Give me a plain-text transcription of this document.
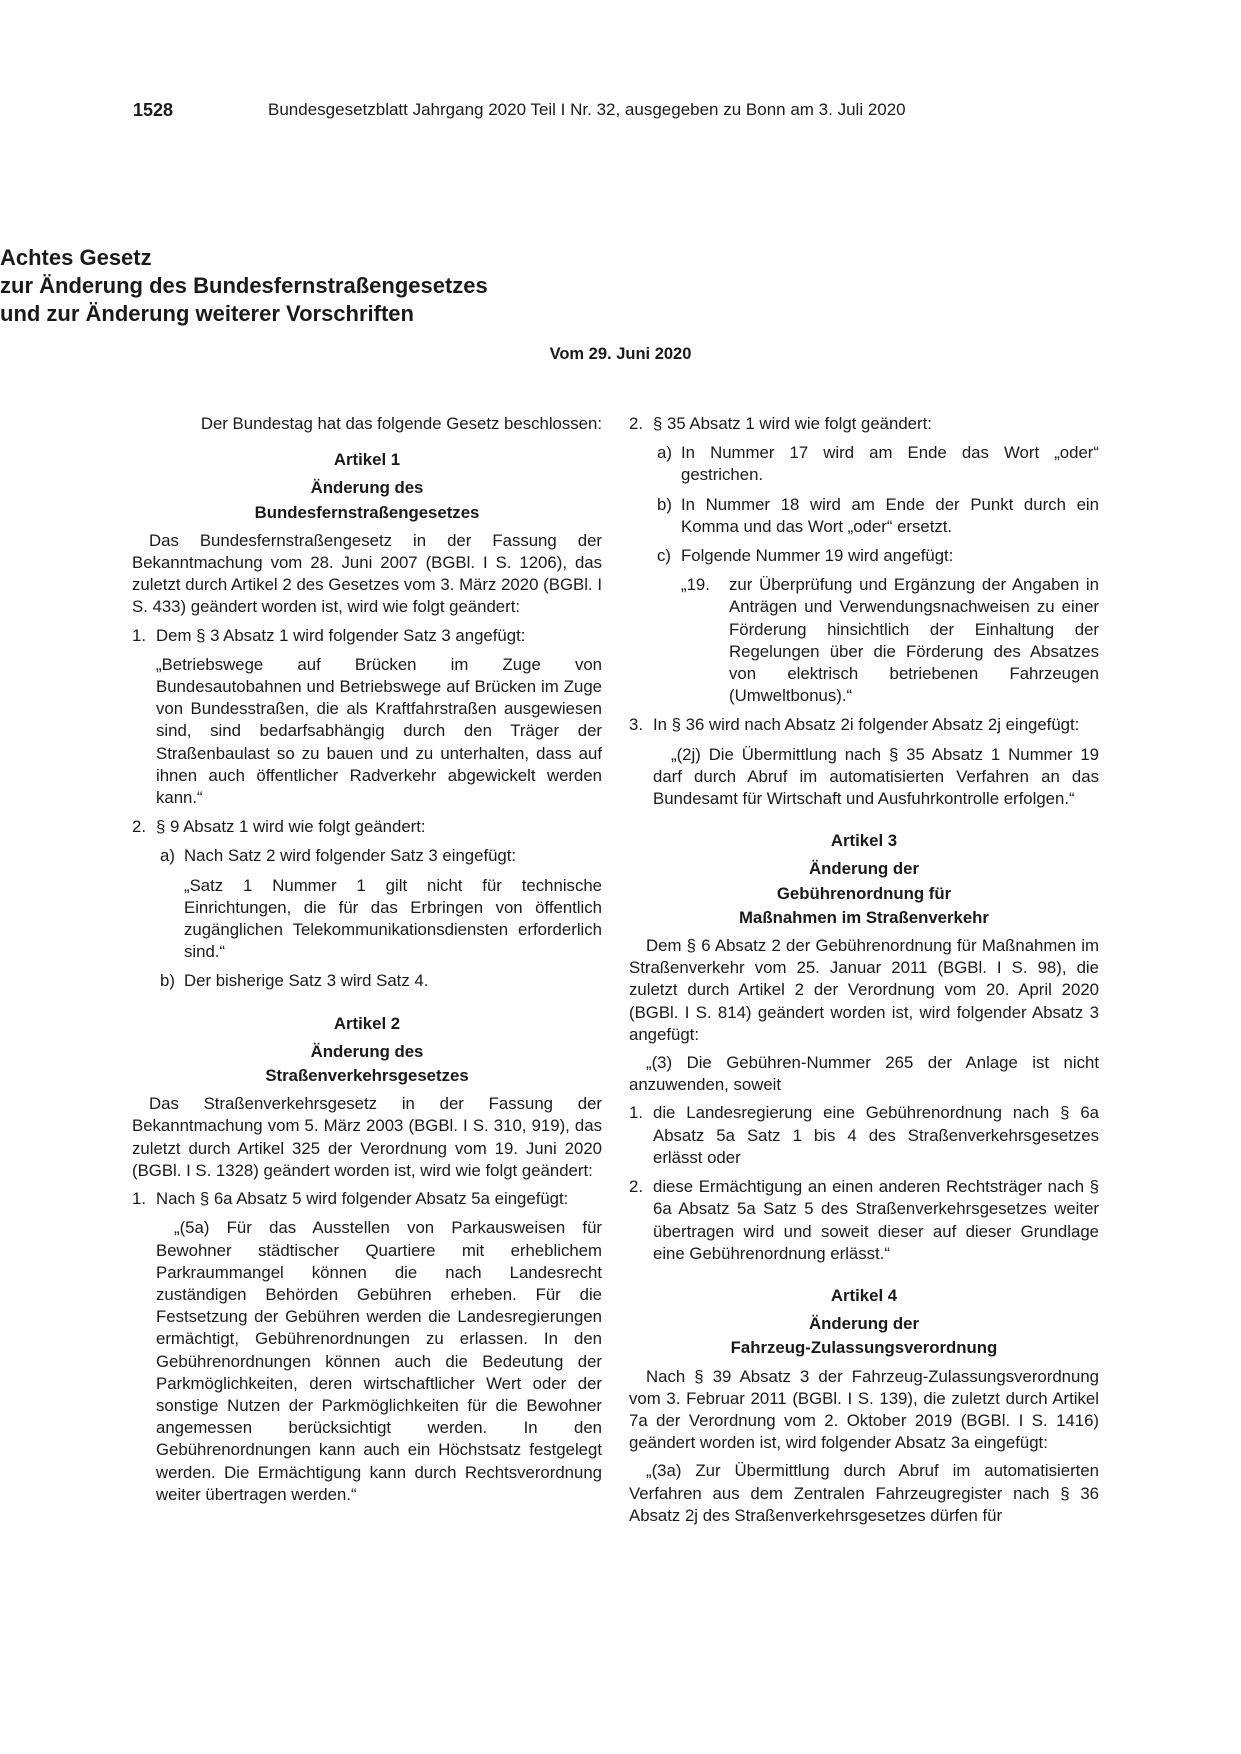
1528	Bundesgesetzblatt Jahrgang 2020 Teil I Nr. 32, ausgegeben zu Bonn am 3. Juli 2020

Achtes Gesetz

zur Änderung des Bundesfernstraßengesetzes

und zur Änderung weiterer Vorschriften

Vom 29. Juni 2020

Der Bundestag hat das folgende Gesetz beschlossen:

Artikel 1
Änderung des
Bundesfernstraßengesetzes

Das Bundesfernstraßengesetz in der Fassung der Bekanntmachung vom 28. Juni 2007 (BGBl. I S. 1206), das zuletzt durch Artikel 2 des Gesetzes vom 3. März 2020 (BGBl. I S. 433) geändert worden ist, wird wie folgt geändert:

1. Dem § 3 Absatz 1 wird folgender Satz 3 angefügt:

„Betriebswege auf Brücken im Zuge von Bundesautobahnen und Betriebswege auf Brücken im Zuge von Bundesstraßen, die als Kraftfahrstraßen ausgewiesen sind, sind bedarfsabhängig durch den Träger der Straßenbaulast so zu bauen und zu unterhalten, dass auf ihnen auch öffentlicher Radverkehr abgewickelt werden kann.“

2. § 9 Absatz 1 wird wie folgt geändert:
a) Nach Satz 2 wird folgender Satz 3 eingefügt:

„Satz 1 Nummer 1 gilt nicht für technische Einrichtungen, die für das Erbringen von öffentlich zugänglichen Telekommunikationsdiensten erforderlich sind.“

b) Der bisherige Satz 3 wird Satz 4.
Artikel 2
Änderung des
Straßenverkehrsgesetzes

Das Straßenverkehrsgesetz in der Fassung der Bekanntmachung vom 5. März 2003 (BGBl. I S. 310, 919), das zuletzt durch Artikel 325 der Verordnung vom 19. Juni 2020 (BGBl. I S. 1328) geändert worden ist, wird wie folgt geändert:

1. Nach § 6a Absatz 5 wird folgender Absatz 5a eingefügt:

„(5a) Für das Ausstellen von Parkausweisen für Bewohner städtischer Quartiere mit erheblichem Parkraummangel können die nach Landesrecht zuständigen Behörden Gebühren erheben. Für die Festsetzung der Gebühren werden die Landesregierungen ermächtigt, Gebührenordnungen zu erlassen. In den Gebührenordnungen können auch die Bedeutung der Parkmöglichkeiten, deren wirtschaftlicher Wert oder der sonstige Nutzen der Parkmöglichkeiten für die Bewohner angemessen berücksichtigt werden. In den Gebührenordnungen kann auch ein Höchstsatz festgelegt werden. Die Ermächtigung kann durch Rechtsverordnung weiter übertragen werden.“

2. § 35 Absatz 1 wird wie folgt geändert:
a) In Nummer 17 wird am Ende das Wort „oder“ gestrichen.
b) In Nummer 18 wird am Ende der Punkt durch ein Komma und das Wort „oder“ ersetzt.
c) Folgende Nummer 19 wird angefügt:
„19. zur Überprüfung und Ergänzung der Angaben in Anträgen und Verwendungsnachweisen zu einer Förderung hinsichtlich der Einhaltung der Regelungen über die Förderung des Absatzes von elektrisch betriebenen Fahrzeugen (Umweltbonus).“
3. In § 36 wird nach Absatz 2i folgender Absatz 2j eingefügt:

„(2j) Die Übermittlung nach § 35 Absatz 1 Nummer 19 darf durch Abruf im automatisierten Verfahren an das Bundesamt für Wirtschaft und Ausfuhrkontrolle erfolgen.“

Artikel 3
Änderung der
Gebührenordnung für
Maßnahmen im Straßenverkehr

Dem § 6 Absatz 2 der Gebührenordnung für Maßnahmen im Straßenverkehr vom 25. Januar 2011 (BGBl. I S. 98), die zuletzt durch Artikel 2 der Verordnung vom 20. April 2020 (BGBl. I S. 814) geändert worden ist, wird folgender Absatz 3 angefügt:

„(3) Die Gebühren-Nummer 265 der Anlage ist nicht anzuwenden, soweit

1. die Landesregierung eine Gebührenordnung nach § 6a Absatz 5a Satz 1 bis 4 des Straßenverkehrsgesetzes erlässt oder
2. diese Ermächtigung an einen anderen Rechtsträger nach § 6a Absatz 5a Satz 5 des Straßenverkehrsgesetzes weiter übertragen wird und soweit dieser auf dieser Grundlage eine Gebührenordnung erlässt.“
Artikel 4
Änderung der
Fahrzeug-Zulassungsverordnung

Nach § 39 Absatz 3 der Fahrzeug-Zulassungsverordnung vom 3. Februar 2011 (BGBl. I S. 139), die zuletzt durch Artikel 7a der Verordnung vom 2. Oktober 2019 (BGBl. I S. 1416) geändert worden ist, wird folgender Absatz 3a eingefügt:

„(3a) Zur Übermittlung durch Abruf im automatisierten Verfahren aus dem Zentralen Fahrzeugregister nach § 36 Absatz 2j des Straßenverkehrsgesetzes dürfen für
